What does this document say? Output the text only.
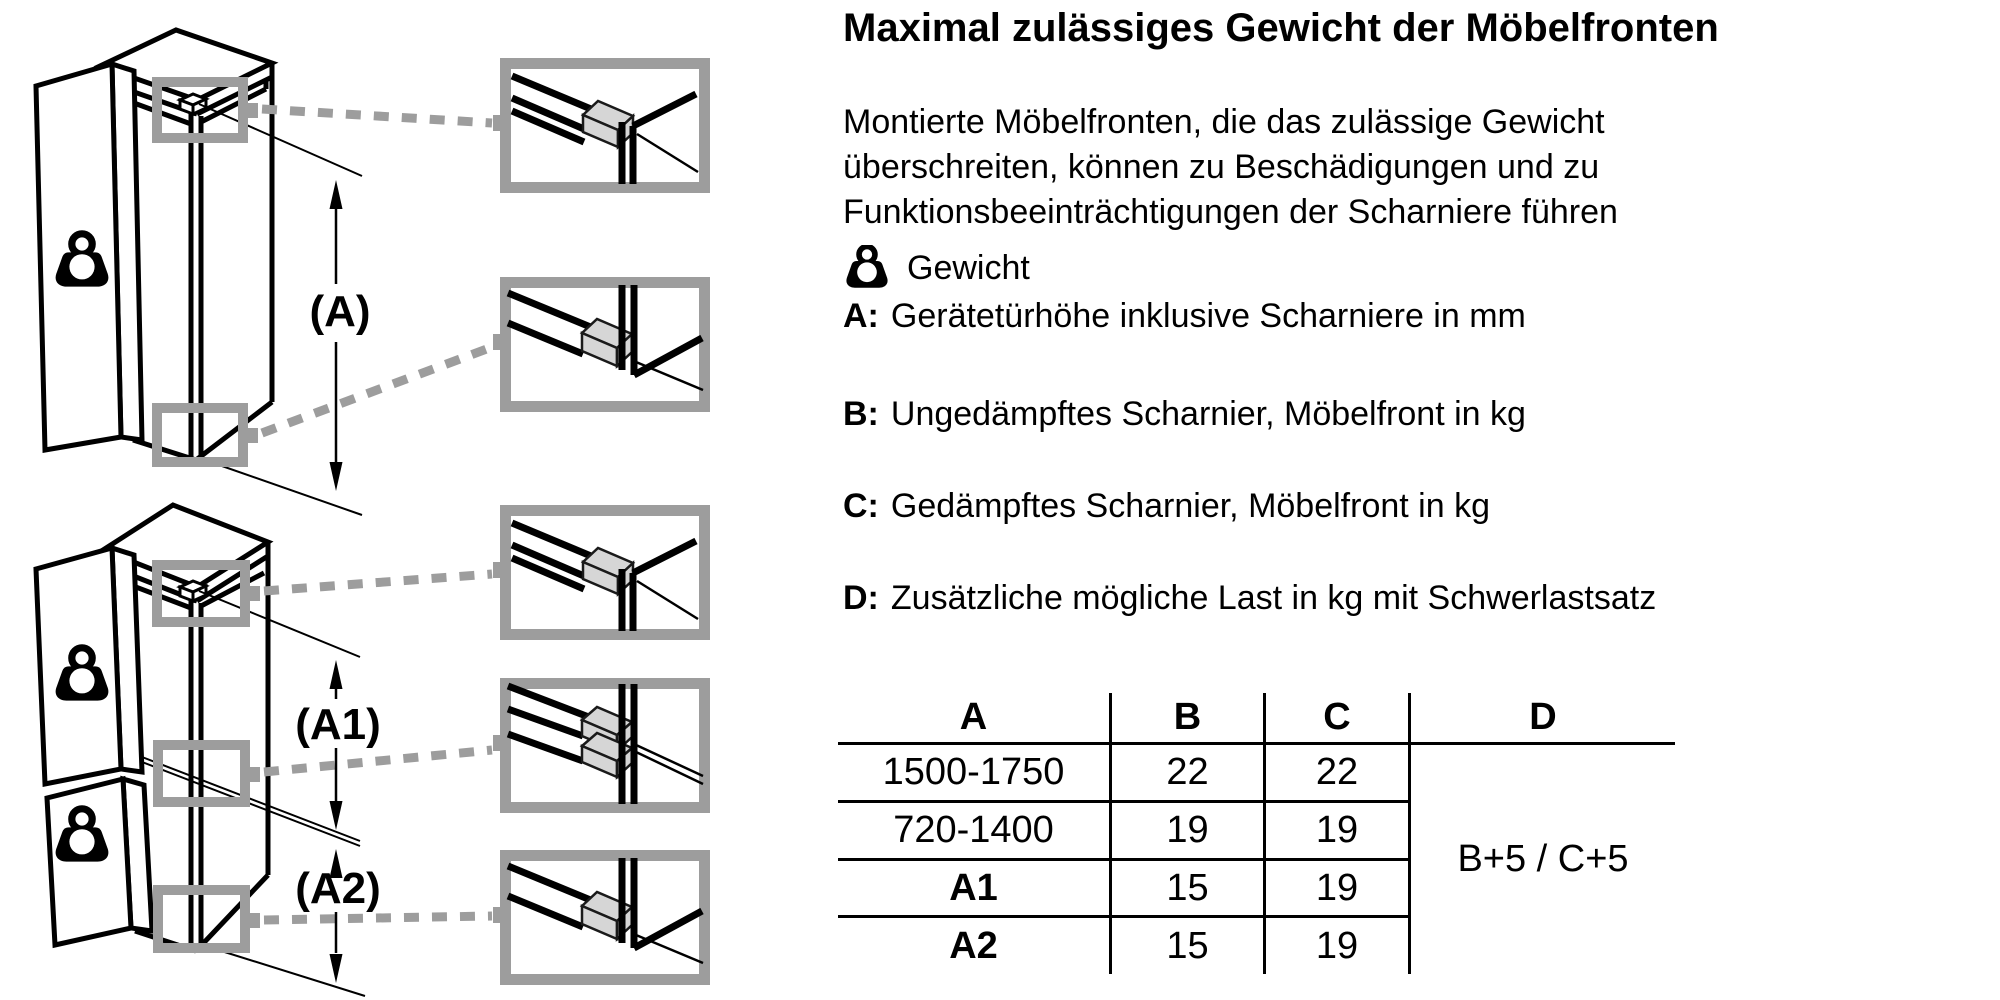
(A)
(A1)
(A2)
Maximal zulässiges Gewicht der Möbelfronten
Montierte Möbelfronten, die das zulässige Gewicht
überschreiten, können zu Beschädigungen und zu
Funktionsbeeinträchtigungen der Scharniere führen
Gewicht
A: Gerätetürhöhe inklusive Scharniere in mm
B: Ungedämpftes Scharnier, Möbelfront in kg
C: Gedämpftes Scharnier, Möbelfront in kg
D: Zusätzliche mögliche Last in kg mit Schwerlastsatz
A	B	C	D
1500-1750	22	22
720-1400	19	19
A1	15	19
A2	15	19
B+5 / C+5
